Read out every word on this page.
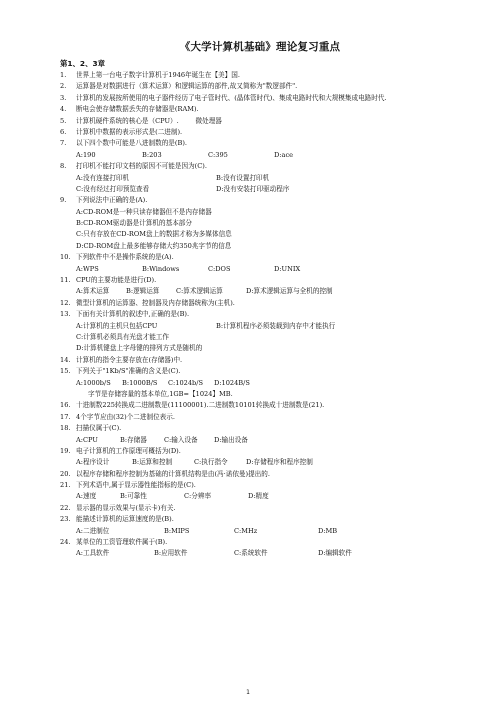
《大学计算机基础》理论复习重点
第1、2、3章
1. 世界上第一台电子数字计算机于1946年诞生在【美】国.
2. 运算器是对数据进行（算术运算）和逻辑运算的部件,故又简称为"数逻部件".
3. 计算机的发展按所使用的电子器件经历了电子管时代、(晶体管时代)、集成电路时代和大规模集成电路时代.
4. 断电会使存储数据丢失的存储器是(RAM).
5. 计算机硬件系统的核心是（CPU）.        微处理器
6. 计算机中数据的表示形式是(二进制).
7. 以下四个数中可能是八进制数的是(B).
A:190	B:203	C:395	D:ace
8. 打印机不能打印文档的原因不可能是因为(C).
A:没有连接打印机	B:没有设置打印机
C:没有经过打印预览查看	D:没有安装打印驱动程序
9. 下列说法中正确的是(A).
A:CD-ROM是一种只读存储器但不是内存储器
B:CD-ROM驱动器是计算机的基本部分
C:只有存放在CD-ROM盘上的数据才称为多媒体信息
D:CD-ROM盘上最多能够存储大约350兆字节的信息
10. 下列软件中不是操作系统的是(A).
A:WPS	B:Windows	C:DOS	D:UNIX
11. CPU的主要功能是进行(D).
A:算术运算	B:逻辑运算	C:算术逻辑运算	D:算术逻辑运算与全机的控制
12. 微型计算机的运算器、控制器及内存储器统称为(主机).
13. 下面有关计算机的叙述中,正确的是(B).
A:计算机的主机只包括CPU	B:计算机程序必须装载到内存中才能执行
C:计算机必须具有光盘才能工作
D:计算机键盘上字母键的排列方式是随机的
14. 计算机的指令主要存放在(存储器)中.
15. 下列关于"1Kb/S"准确的含义是(C).
A:1000b/S B:1000B/S C:1024b/S D:1024B/S
字节是存储容量的基本单位,1GB=【1024】MB.
16. 十进制数225转换成二进制数是(11100001).二进制数10101转换成十进制数是(21).
17. 4个字节应由(32)个二进制位表示.
18. 扫描仪属于(C).
A:CPU	B:存储器	C:输入设备 D:输出设备
19. 电子计算机的工作原理可概括为(D).
A:程序设计	B:运算和控制	C:执行指令	D:存储程序和程序控制
20. 以程序存储和程序控制为基础的计算机结构是由(冯·诺依曼)提出的.
21. 下列术语中,属于显示器性能指标的是(C).
A:速度	B:可靠性	C:分辨率	D:精度
22. 显示器的显示效果与(显示卡)有关.
23. 能描述计算机的运算速度的是(B).
A:二进制位	B:MIPS	C:MHz	D:MB
24. 某单位的工资管理软件属于(B).
A:工具软件	B:应用软件	C:系统软件	D:编辑软件
1
